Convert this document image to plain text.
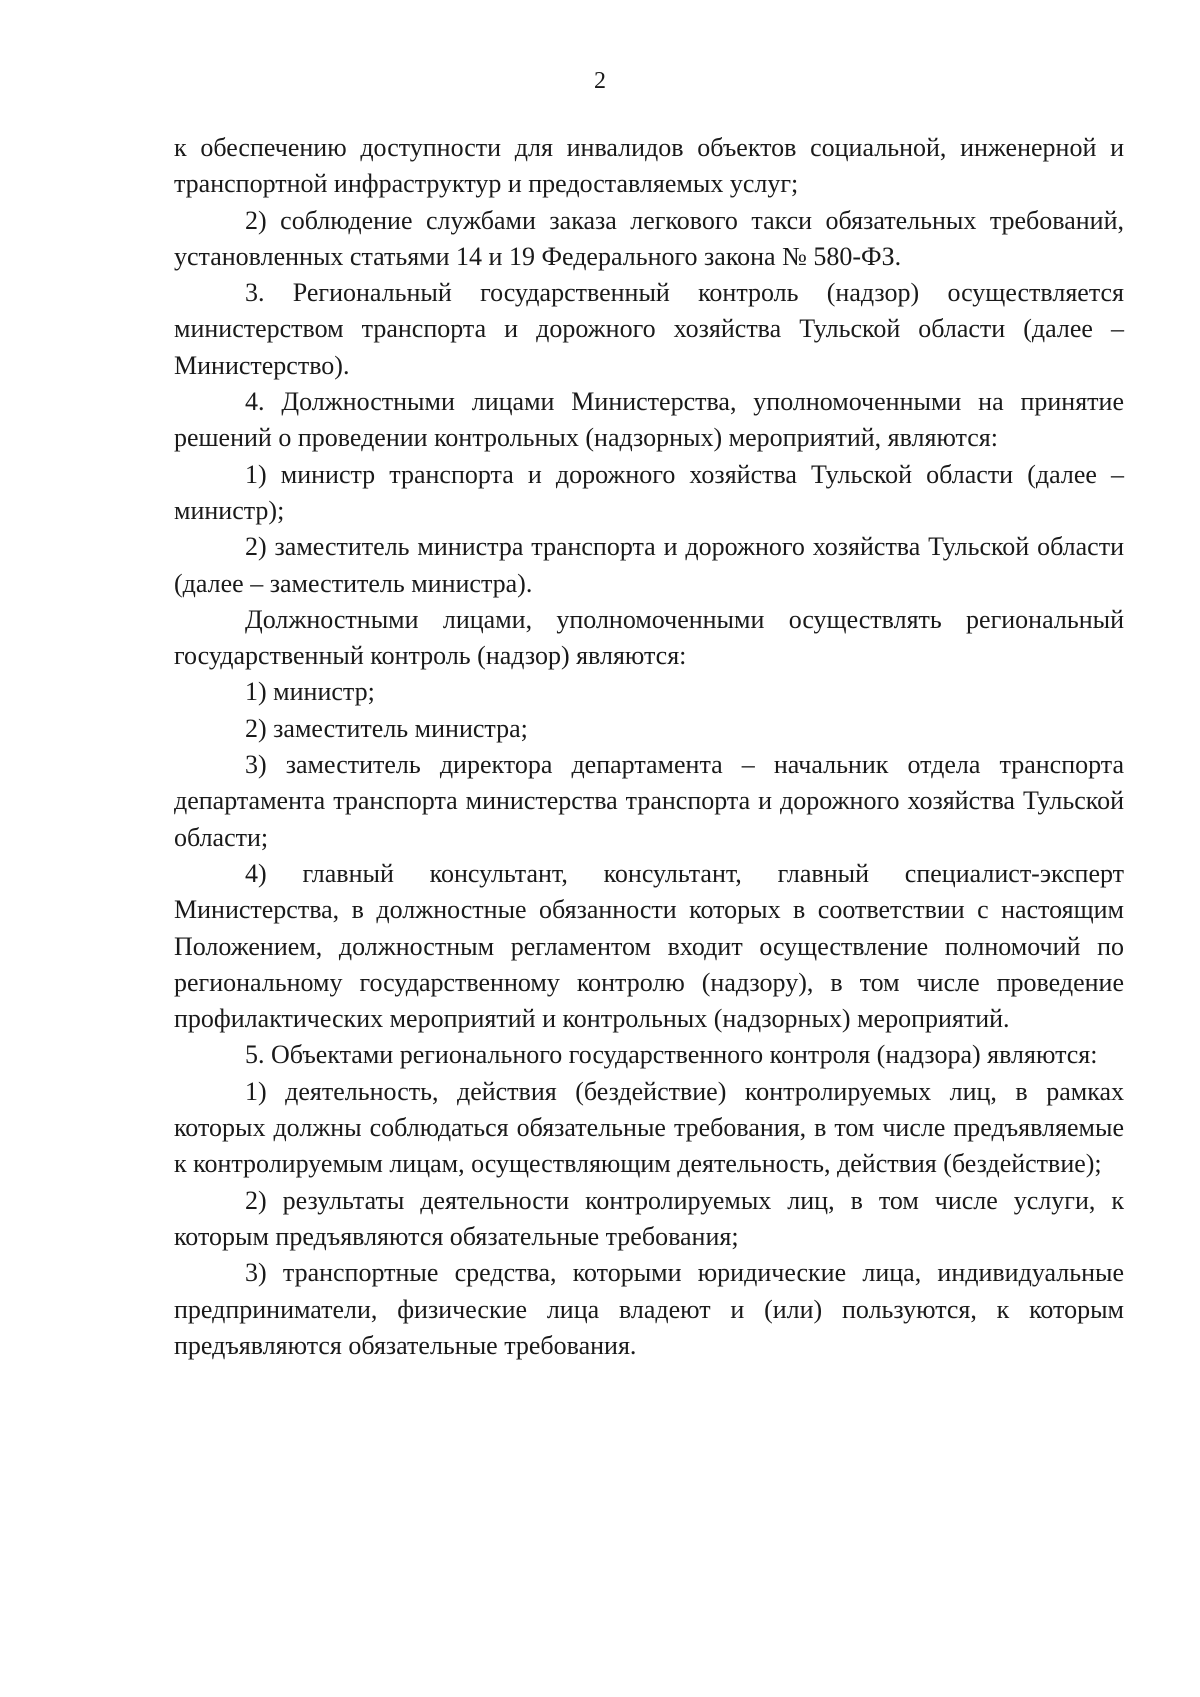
2

к обеспечению доступности для инвалидов объектов социальной, инженерной и транспортной инфраструктур и предоставляемых услуг;

2) соблюдение службами заказа легкового такси обязательных требований, установленных статьями 14 и 19 Федерального закона № 580-ФЗ.

3. Региональный государственный контроль (надзор) осуществляется министерством транспорта и дорожного хозяйства Тульской области (далее – Министерство).

4. Должностными лицами Министерства, уполномоченными на принятие решений о проведении контрольных (надзорных) мероприятий, являются:

1) министр транспорта и дорожного хозяйства Тульской области (далее – министр);

2) заместитель министра транспорта и дорожного хозяйства Тульской области (далее – заместитель министра).

Должностными лицами, уполномоченными осуществлять региональный государственный контроль (надзор) являются:

1) министр;

2) заместитель министра;

3) заместитель директора департамента – начальник отдела транспорта департамента транспорта министерства транспорта и дорожного хозяйства Тульской области;

4) главный консультант, консультант, главный специалист-эксперт Министерства, в должностные обязанности которых в соответствии с настоящим Положением, должностным регламентом входит осуществление полномочий по региональному государственному контролю (надзору), в том числе проведение профилактических мероприятий и контрольных (надзорных) мероприятий.

5. Объектами регионального государственного контроля (надзора) являются:

1) деятельность, действия (бездействие) контролируемых лиц, в рамках которых должны соблюдаться обязательные требования, в том числе предъявляемые к контролируемым лицам, осуществляющим деятельность, действия (бездействие);

2) результаты деятельности контролируемых лиц, в том числе услуги, к которым предъявляются обязательные требования;

3) транспортные средства, которыми юридические лица, индивидуальные предприниматели, физические лица владеют и (или) пользуются, к которым предъявляются обязательные требования.
